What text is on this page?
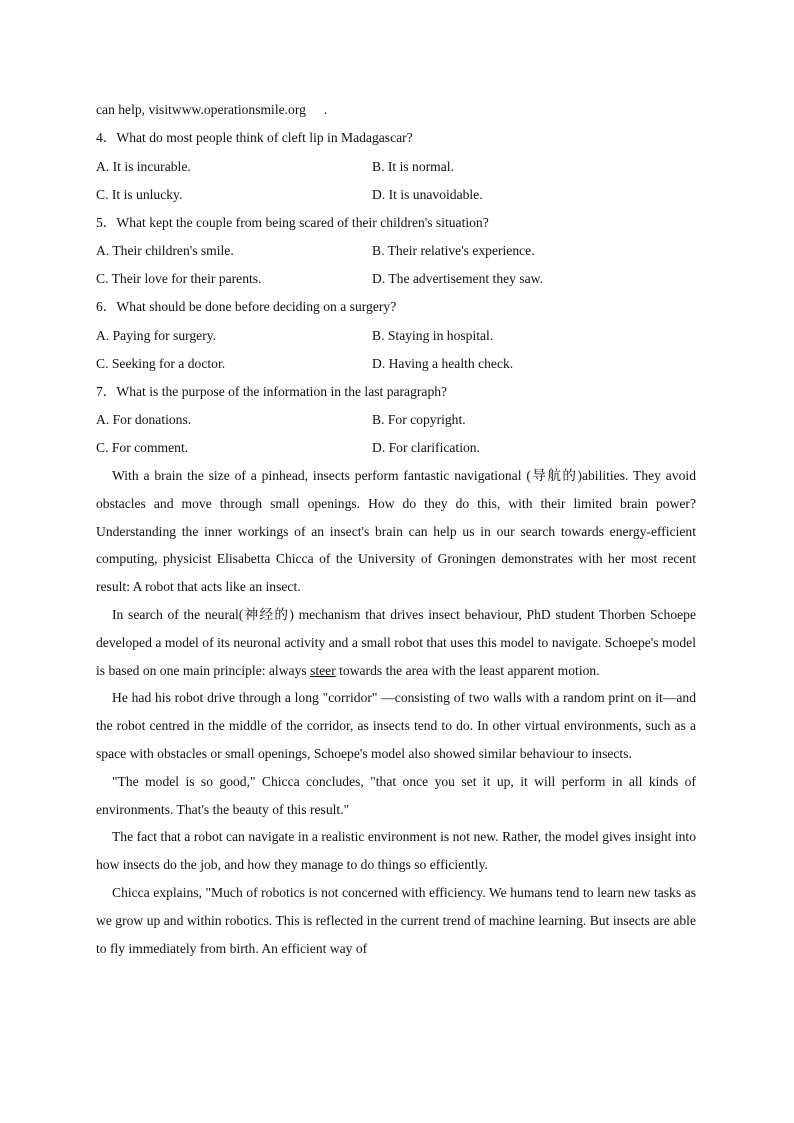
can help, visitwww.operationsmile.org .
4．What do most people think of cleft lip in Madagascar?
A. It is incurable.	B. It is normal.
C. It is unlucky.	D. It is unavoidable.
5．What kept the couple from being scared of their children's situation?
A. Their children's smile.	B. Their relative's experience.
C. Their love for their parents.	D. The advertisement they saw.
6．What should be done before deciding on a surgery?
A. Paying for surgery.	B. Staying in hospital.
C. Seeking for a doctor.	D. Having a health check.
7．What is the purpose of the information in the last paragraph?
A. For donations.	B. For copyright.
C. For comment.	D. For clarification.

With a brain the size of a pinhead, insects perform fantastic navigational (导航的)abilities. They avoid obstacles and move through small openings. How do they do this, with their limited brain power? Understanding the inner workings of an insect's brain can help us in our search towards energy-efficient computing, physicist Elisabetta Chicca of the University of Groningen demonstrates with her most recent result: A robot that acts like an insect.

In search of the neural(神经的) mechanism that drives insect behaviour, PhD student Thorben Schoepe developed a model of its neuronal activity and a small robot that uses this model to navigate. Schoepe's model is based on one main principle: always steer towards the area with the least apparent motion.

He had his robot drive through a long "corridor" —consisting of two walls with a random print on it—and the robot centred in the middle of the corridor, as insects tend to do. In other virtual environments, such as a space with obstacles or small openings, Schoepe's model also showed similar behaviour to insects.

"The model is so good," Chicca concludes, "that once you set it up, it will perform in all kinds of environments. That's the beauty of this result."

The fact that a robot can navigate in a realistic environment is not new. Rather, the model gives insight into how insects do the job, and how they manage to do things so efficiently.

Chicca explains, "Much of robotics is not concerned with efficiency. We humans tend to learn new tasks as we grow up and within robotics. This is reflected in the current trend of machine learning. But insects are able to fly immediately from birth. An efficient way of
